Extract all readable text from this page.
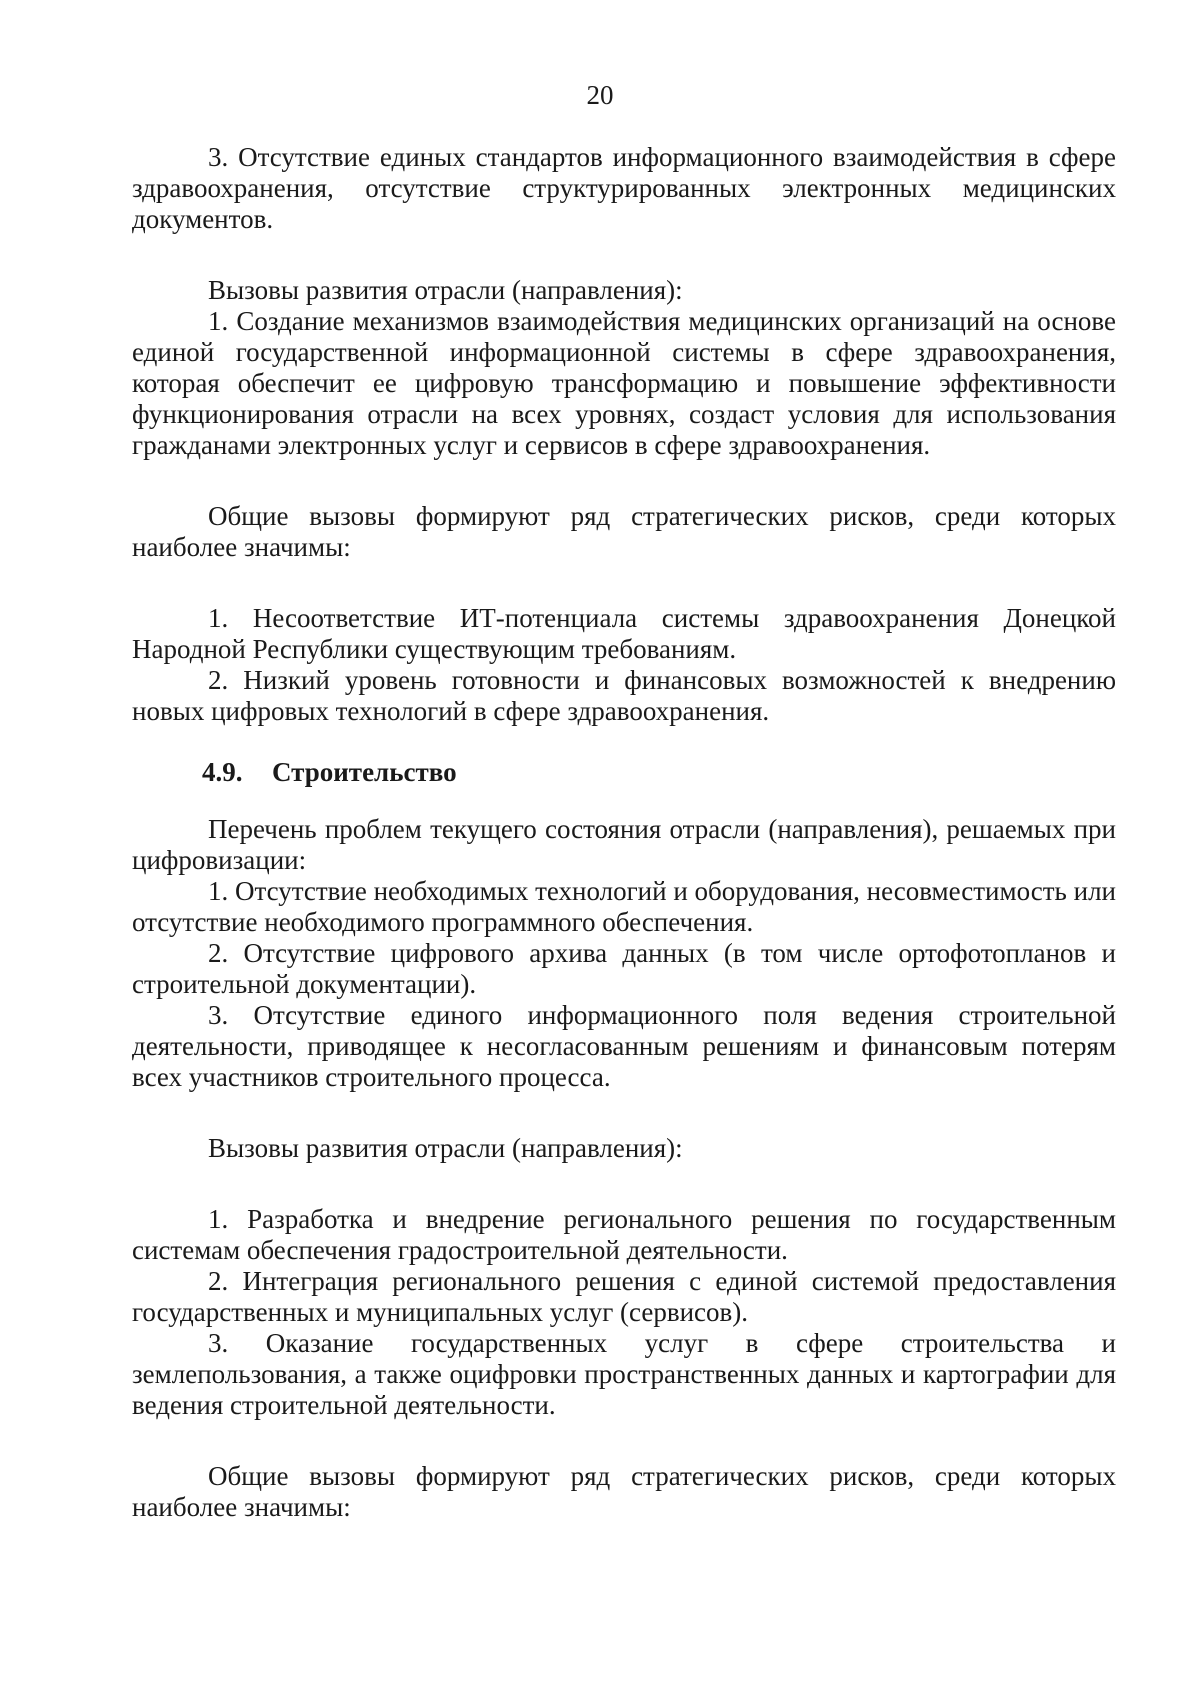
20

3. Отсутствие единых стандартов информационного взаимодействия в сфере здравоохранения, отсутствие структурированных электронных медицинских документов.

Вызовы развития отрасли (направления):

1. Создание механизмов взаимодействия медицинских организаций на основе единой государственной информационной системы в сфере здравоохранения, которая обеспечит ее цифровую трансформацию и повышение эффективности функционирования отрасли на всех уровнях, создаст условия для использования гражданами электронных услуг и сервисов в сфере здравоохранения.

Общие вызовы формируют ряд стратегических рисков, среди которых наиболее значимы:

1. Несоответствие ИТ-потенциала системы здравоохранения Донецкой Народной Республики существующим требованиям.

2. Низкий уровень готовности и финансовых возможностей к внедрению новых цифровых технологий в сфере здравоохранения.

4.9. Строительство

Перечень проблем текущего состояния отрасли (направления), решаемых при цифровизации:

1. Отсутствие необходимых технологий и оборудования, несовместимость или отсутствие необходимого программного обеспечения.

2. Отсутствие цифрового архива данных (в том числе ортофотопланов и строительной документации).

3. Отсутствие единого информационного поля ведения строительной деятельности, приводящее к несогласованным решениям и финансовым потерям всех участников строительного процесса.

Вызовы развития отрасли (направления):

1. Разработка и внедрение регионального решения по государственным системам обеспечения градостроительной деятельности.

2. Интеграция регионального решения с единой системой предоставления государственных и муниципальных услуг (сервисов).

3. Оказание государственных услуг в сфере строительства и землепользования, а также оцифровки пространственных данных и картографии для ведения строительной деятельности.

Общие вызовы формируют ряд стратегических рисков, среди которых наиболее значимы:
